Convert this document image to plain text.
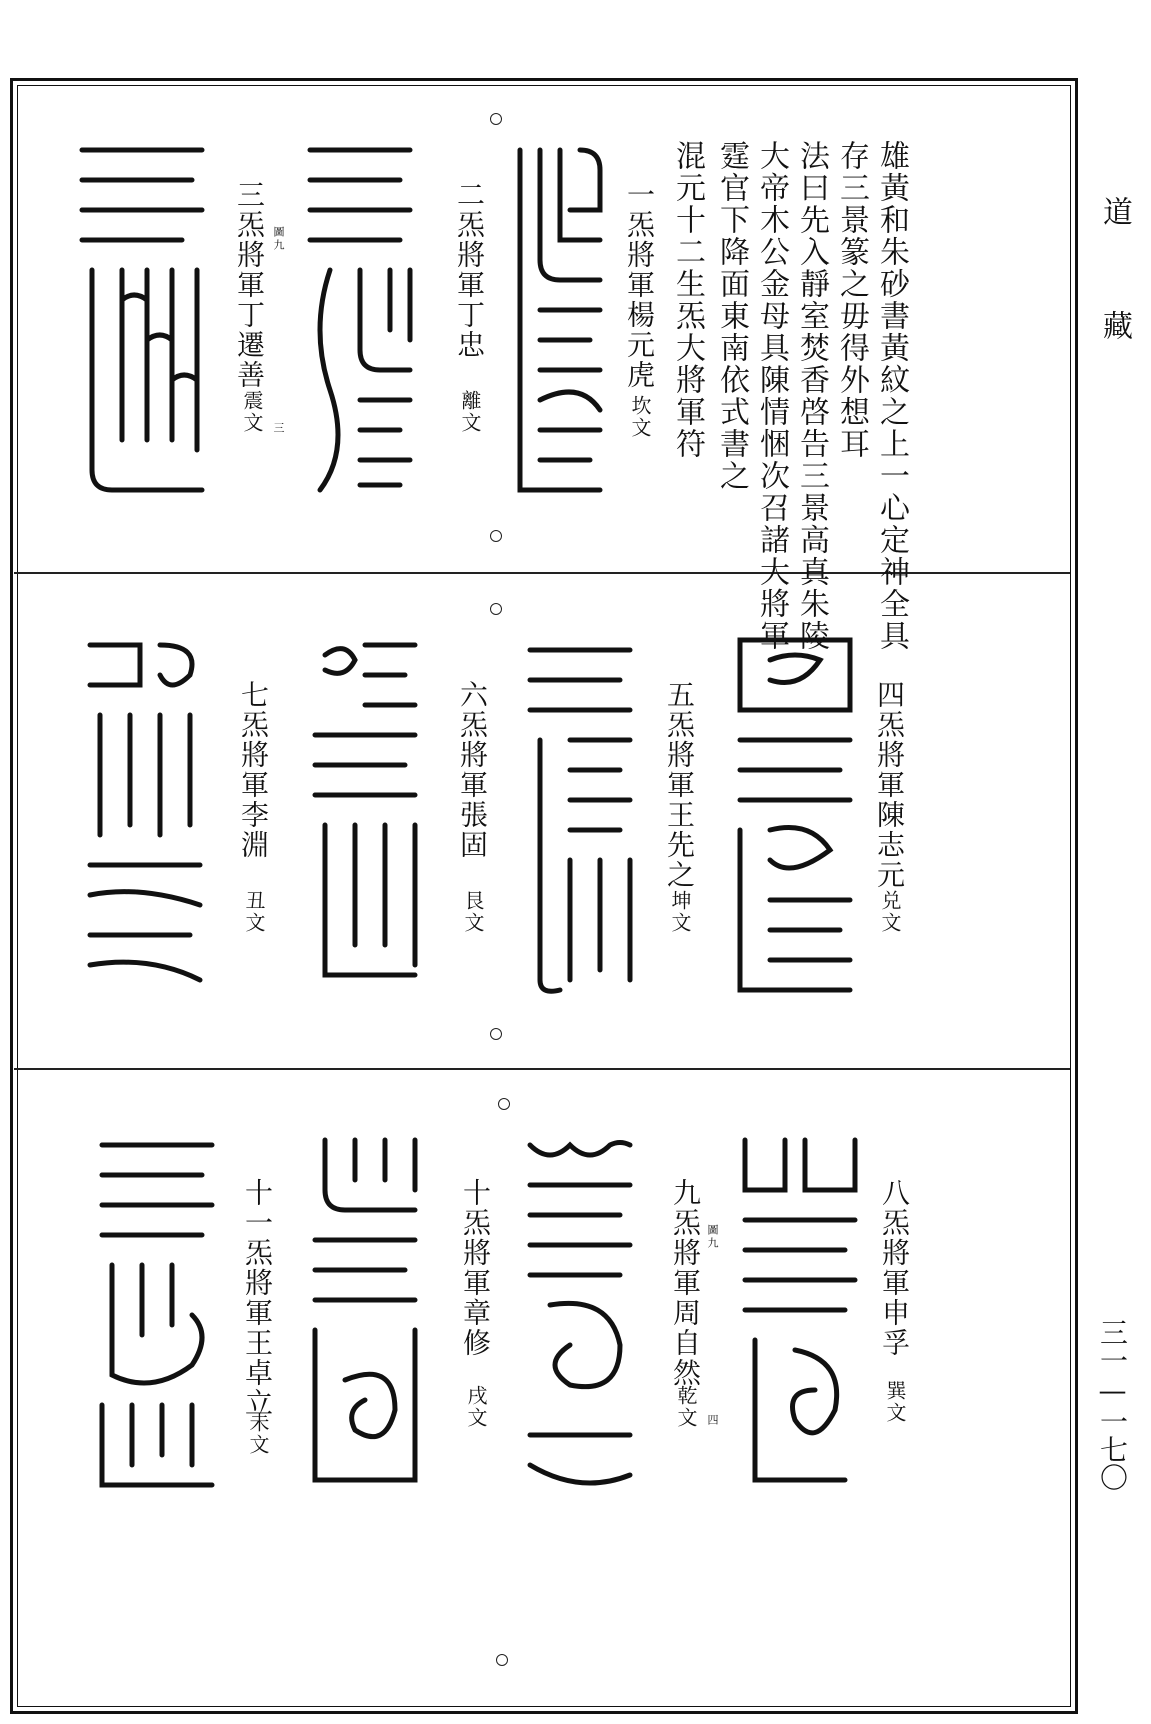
道
藏
三一—一七〇
雄黃和朱砂書黃紋之上一心定神全具
存三景篆之毋得外想耳
法曰先入靜室焚香啓告三景高真朱陵
大帝木公金母具陳情悃次召諸大將軍
霆官下降面東南依式書之
混元十二生炁大將軍符
一炁將軍楊元虎
坎文
二炁將軍丁忠
離文
三炁將軍丁遷善 圖九
三
震文
四炁將軍陳志元
兑文
五炁將軍王先之
坤文
六炁將軍張固
艮文
七炁將軍李淵
丑文
八炁將軍申孚
巽文
九炁將軍周自然 圖九
四
乾文
十炁將軍章修
戌文
十一炁將軍王卓立
未文
